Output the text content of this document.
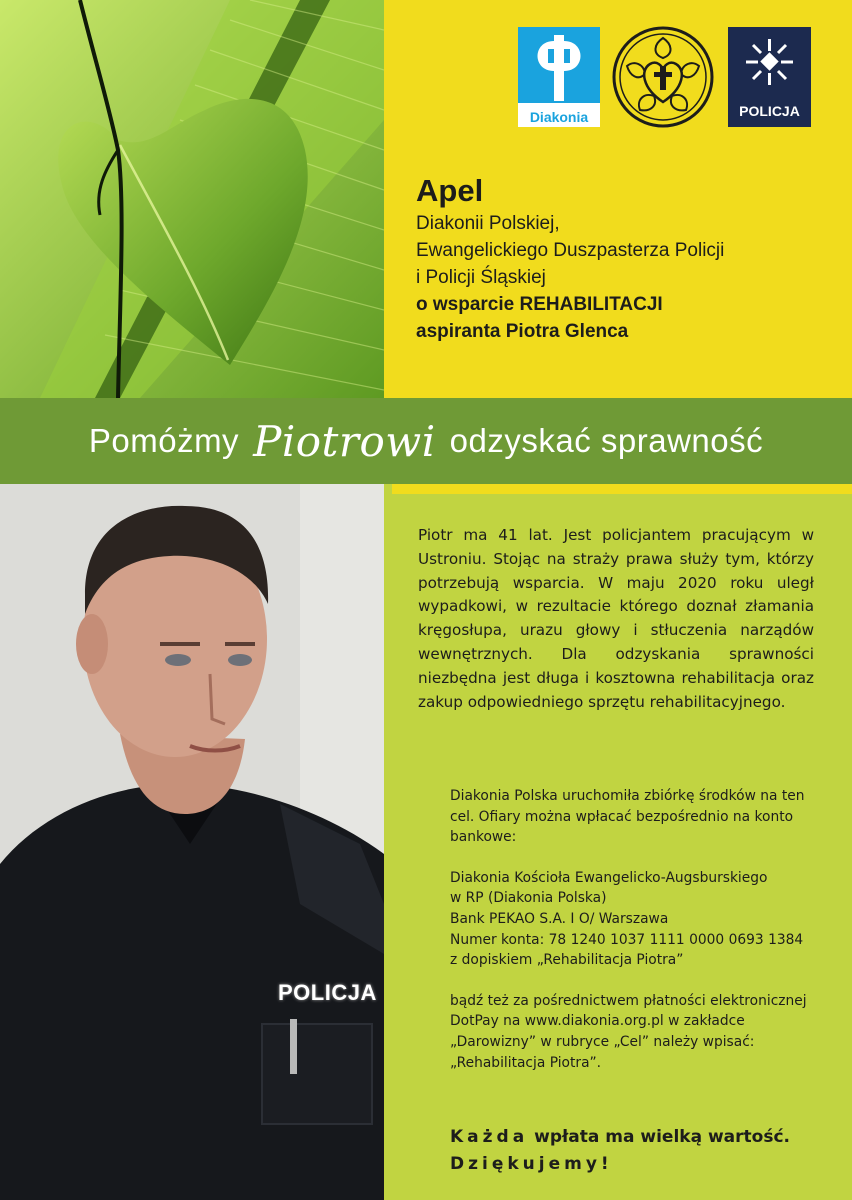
Diakonia	POLICJA
Apel
Diakonii Polskiej,
Ewangelickiego Duszpasterza Policji
i Policji Śląskiej
o wsparcie REHABILITACJI
aspiranta Piotra Glenca
Pomóżmy Piotrowi odzyskać sprawność
POLICJA
Piotr ma 41 lat. Jest policjantem pracującym w Ustroniu. Stojąc na straży prawa służy tym, którzy potrzebują wsparcia. W maju 2020 roku uległ wypadkowi, w rezultacie którego doznał złamania kręgosłupa, urazu głowy i stłuczenia narządów wewnętrznych. Dla odzyskania sprawności niezbędna jest długa i kosztowna rehabilitacja oraz zakup odpowiedniego sprzętu rehabilitacyjnego.

Diakonia Polska uruchomiła zbiórkę środków na ten cel. Ofiary można wpłacać bezpośrednio na konto bankowe:

Diakonia Kościoła Ewangelicko-Augsburskiego

w RP (Diakonia Polska)

Bank PEKAO S.A. I O/ Warszawa

Numer konta: 78 1240 1037 1111 0000 0693 1384 z dopiskiem „Rehabilitacja Piotra”

bądź też za pośrednictwem płatności elektronicznej DotPay na www.diakonia.org.pl w zakładce „Darowizny” w rubryce „Cel” należy wpisać: „Rehabilitacja Piotra”.

Każda wpłata ma wielką wartość.
Dziękujemy!
